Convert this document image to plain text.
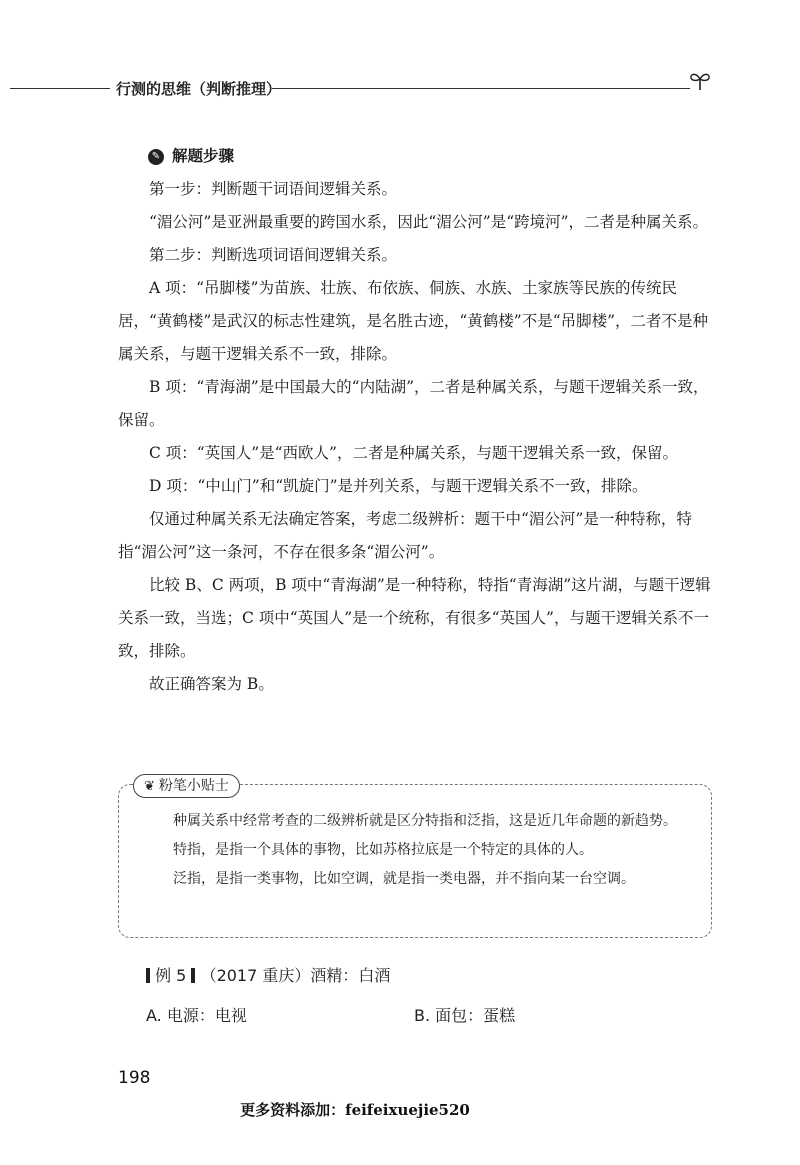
行测的思维（判断推理）
✎ 解题步骤

第一步：判断题干词语间逻辑关系。

“湄公河”是亚洲最重要的跨国水系，因此“湄公河”是“跨境河”，二者是种属关系。

第二步：判断选项词语间逻辑关系。

A 项：“吊脚楼”为苗族、壮族、布依族、侗族、水族、土家族等民族的传统民居，“黄鹤楼”是武汉的标志性建筑，是名胜古迹，“黄鹤楼”不是“吊脚楼”，二者不是种属关系，与题干逻辑关系不一致，排除。

B 项：“青海湖”是中国最大的“内陆湖”，二者是种属关系，与题干逻辑关系一致，保留。

C 项：“英国人”是“西欧人”，二者是种属关系，与题干逻辑关系一致，保留。

D 项：“中山门”和“凯旋门”是并列关系，与题干逻辑关系不一致，排除。

仅通过种属关系无法确定答案，考虑二级辨析：题干中“湄公河”是一种特称，特指“湄公河”这一条河，不存在很多条“湄公河”。

比较 B、C 两项，B 项中“青海湖”是一种特称，特指“青海湖”这片湖，与题干逻辑关系一致，当选；C 项中“英国人”是一个统称，有很多“英国人”，与题干逻辑关系不一致，排除。

故正确答案为 B。

❦ 粉笔小贴士

种属关系中经常考查的二级辨析就是区分特指和泛指，这是近几年命题的新趋势。

特指，是指一个具体的事物，比如苏格拉底是一个特定的具体的人。

泛指，是指一类事物，比如空调，就是指一类电器，并不指向某一台空调。

例 5 （2017 重庆）酒精：白酒
A. 电源：电视	B. 面包：蛋糕
198
更多资料添加：feifeixuejie520
